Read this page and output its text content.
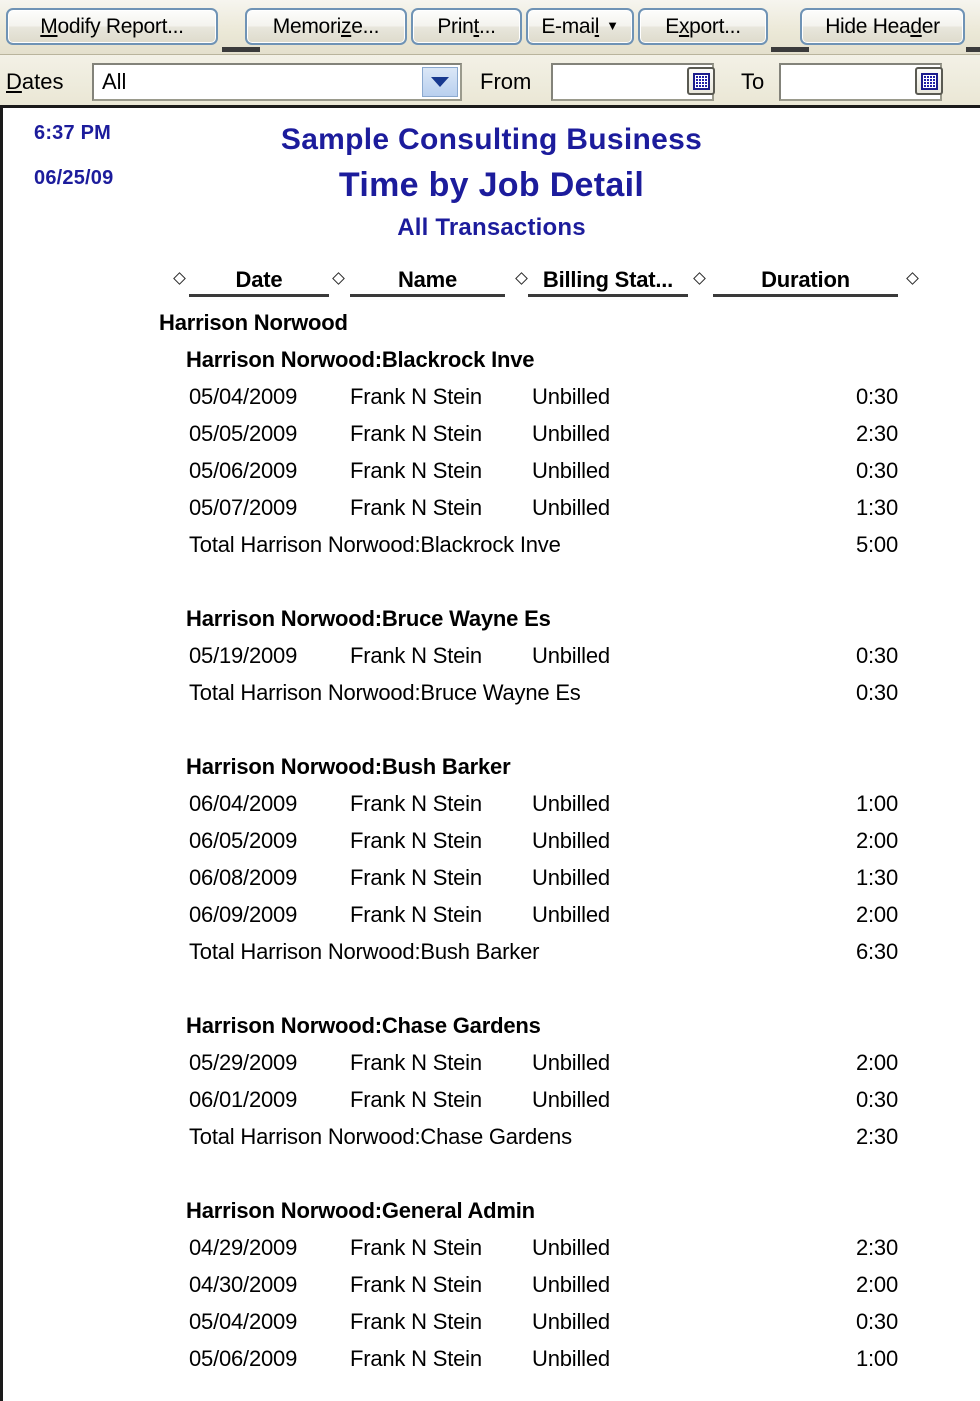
Modify Report...	Memorize...	Print... E-mail ▼ Export...	Hide Header
Dates All	From	To
6:37 PM
06/25/09
Sample Consulting Business
Time by Job Detail
All Transactions
Date	Name	Billing Stat...	Duration
Harrison Norwood
Harrison Norwood:Blackrock Inve
05/04/2009 Frank N Stein Unbilled	0:30
05/05/2009 Frank N Stein Unbilled	2:30
05/06/2009 Frank N Stein Unbilled	0:30
05/07/2009 Frank N Stein Unbilled	1:30
Total Harrison Norwood:Blackrock Inve	5:00
Harrison Norwood:Bruce Wayne Es
05/19/2009 Frank N Stein Unbilled	0:30
Total Harrison Norwood:Bruce Wayne Es	0:30
Harrison Norwood:Bush Barker
06/04/2009 Frank N Stein Unbilled	1:00
06/05/2009 Frank N Stein Unbilled	2:00
06/08/2009 Frank N Stein Unbilled	1:30
06/09/2009 Frank N Stein Unbilled	2:00
Total Harrison Norwood:Bush Barker	6:30
Harrison Norwood:Chase Gardens
05/29/2009 Frank N Stein Unbilled	2:00
06/01/2009 Frank N Stein Unbilled	0:30
Total Harrison Norwood:Chase Gardens	2:30
Harrison Norwood:General Admin
04/29/2009 Frank N Stein Unbilled	2:30
04/30/2009 Frank N Stein Unbilled	2:00
05/04/2009 Frank N Stein Unbilled	0:30
05/06/2009 Frank N Stein Unbilled	1:00
